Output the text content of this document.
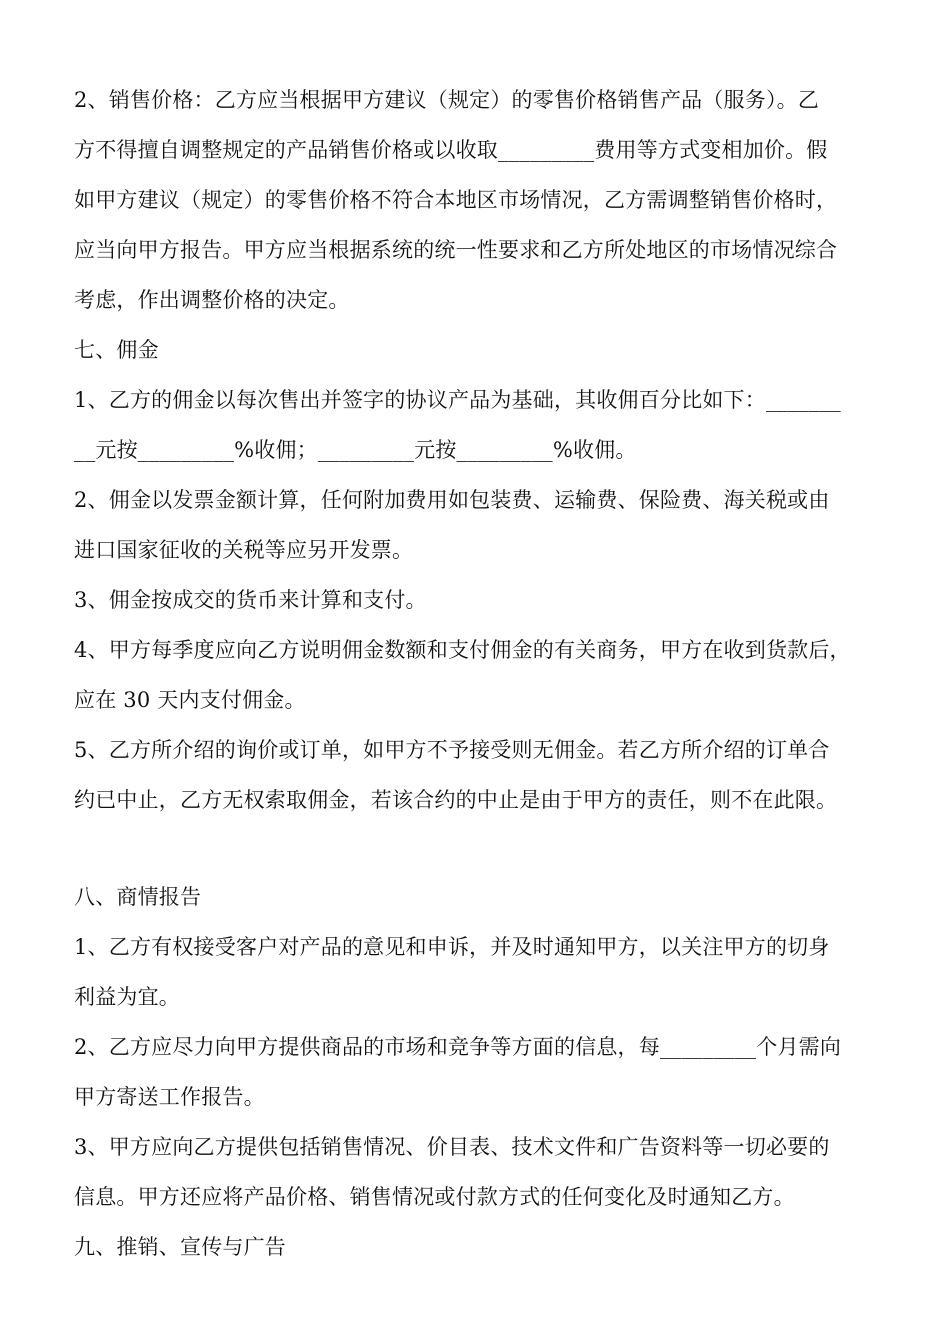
2、销售价格：乙方应当根据甲方建议（规定）的零售价格销售产品（服务）。乙
方不得擅自调整规定的产品销售价格或以收取_________费用等方式变相加价。假
如甲方建议（规定）的零售价格不符合本地区市场情况，乙方需调整销售价格时，
应当向甲方报告。甲方应当根据系统的统一性要求和乙方所处地区的市场情况综合
考虑，作出调整价格的决定。
七、佣金
1、乙方的佣金以每次售出并签字的协议产品为基础，其收佣百分比如下：_______
__元按_________%收佣；_________元按_________%收佣。
2、佣金以发票金额计算，任何附加费用如包装费、运输费、保险费、海关税或由
进口国家征收的关税等应另开发票。
3、佣金按成交的货币来计算和支付。
4、甲方每季度应向乙方说明佣金数额和支付佣金的有关商务，甲方在收到货款后，
应在 30 天内支付佣金。
5、乙方所介绍的询价或订单，如甲方不予接受则无佣金。若乙方所介绍的订单合
约已中止，乙方无权索取佣金，若该合约的中止是由于甲方的责任，则不在此限。
八、商情报告
1、乙方有权接受客户对产品的意见和申诉，并及时通知甲方，以关注甲方的切身
利益为宜。
2、乙方应尽力向甲方提供商品的市场和竞争等方面的信息，每_________个月需向
甲方寄送工作报告。
3、甲方应向乙方提供包括销售情况、价目表、技术文件和广告资料等一切必要的
信息。甲方还应将产品价格、销售情况或付款方式的任何变化及时通知乙方。
九、推销、宣传与广告
